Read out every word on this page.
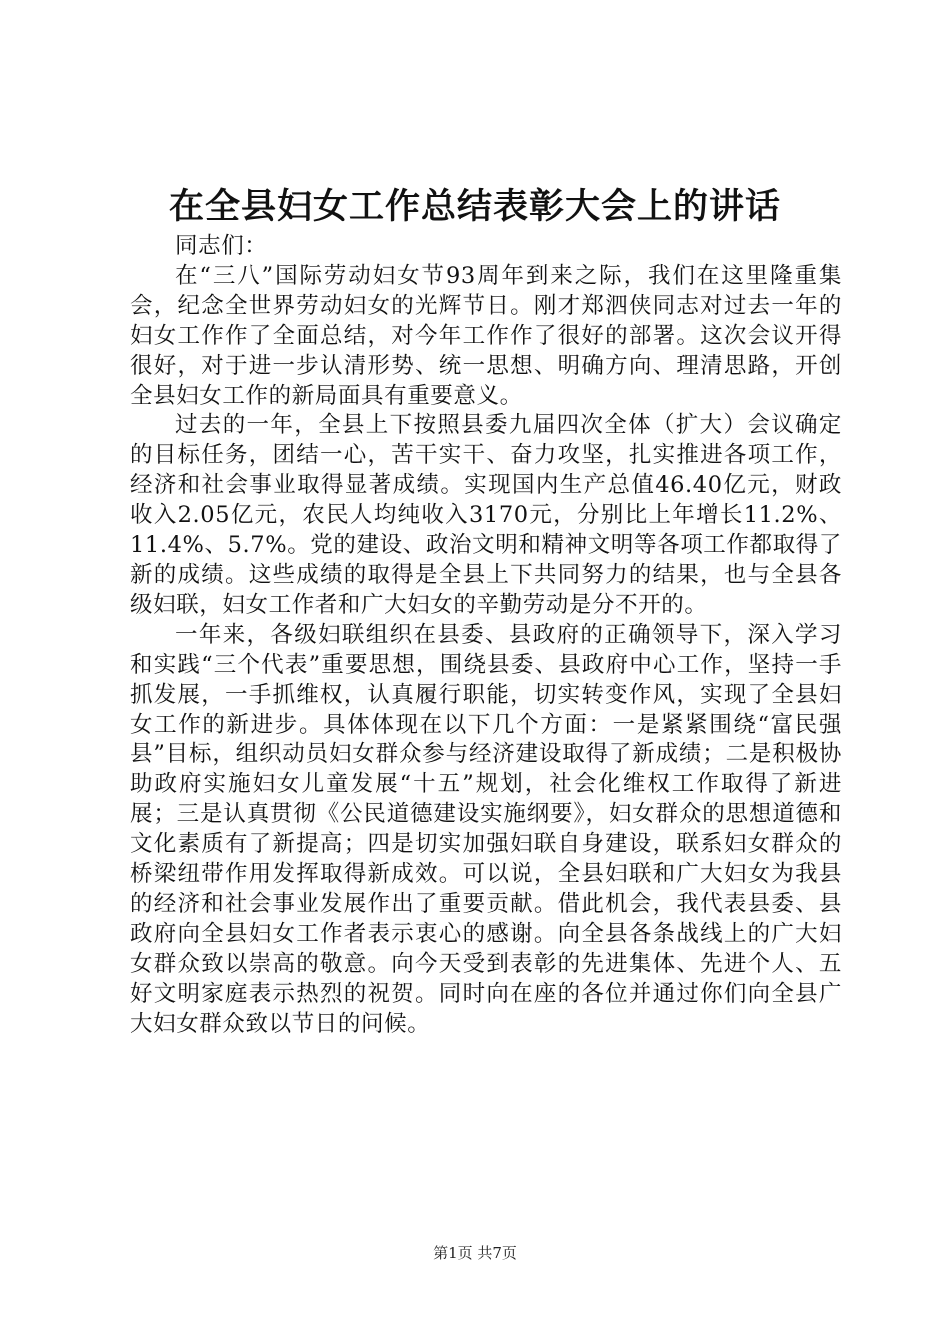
在全县妇女工作总结表彰大会上的讲话

同志们：

在“三八”国际劳动妇女节93周年到来之际，我们在这里隆重集会，纪念全世界劳动妇女的光辉节日。刚才郑泗侠同志对过去一年的妇女工作作了全面总结，对今年工作作了很好的部署。这次会议开得很好，对于进一步认清形势、统一思想、明确方向、理清思路，开创全县妇女工作的新局面具有重要意义。

过去的一年，全县上下按照县委九届四次全体（扩大）会议确定的目标任务，团结一心，苦干实干、奋力攻坚，扎实推进各项工作，经济和社会事业取得显著成绩。实现国内生产总值46.40亿元，财政收入2.05亿元，农民人均纯收入3170元，分别比上年增长11.2%、11.4%、5.7%。党的建设、政治文明和精神文明等各项工作都取得了新的成绩。这些成绩的取得是全县上下共同努力的结果，也与全县各级妇联，妇女工作者和广大妇女的辛勤劳动是分不开的。

一年来，各级妇联组织在县委、县政府的正确领导下，深入学习和实践“三个代表”重要思想，围绕县委、县政府中心工作，坚持一手抓发展，一手抓维权，认真履行职能，切实转变作风，实现了全县妇女工作的新进步。具体体现在以下几个方面：一是紧紧围绕“富民强县”目标，组织动员妇女群众参与经济建设取得了新成绩；二是积极协助政府实施妇女儿童发展“十五”规划，社会化维权工作取得了新进展；三是认真贯彻《公民道德建设实施纲要》，妇女群众的思想道德和文化素质有了新提高；四是切实加强妇联自身建设，联系妇女群众的桥梁纽带作用发挥取得新成效。可以说，全县妇联和广大妇女为我县的经济和社会事业发展作出了重要贡献。借此机会，我代表县委、县政府向全县妇女工作者表示衷心的感谢。向全县各条战线上的广大妇女群众致以崇高的敬意。向今天受到表彰的先进集体、先进个人、五好文明家庭表示热烈的祝贺。同时向在座的各位并通过你们向全县广大妇女群众致以节日的问候。

第1页 共7页
